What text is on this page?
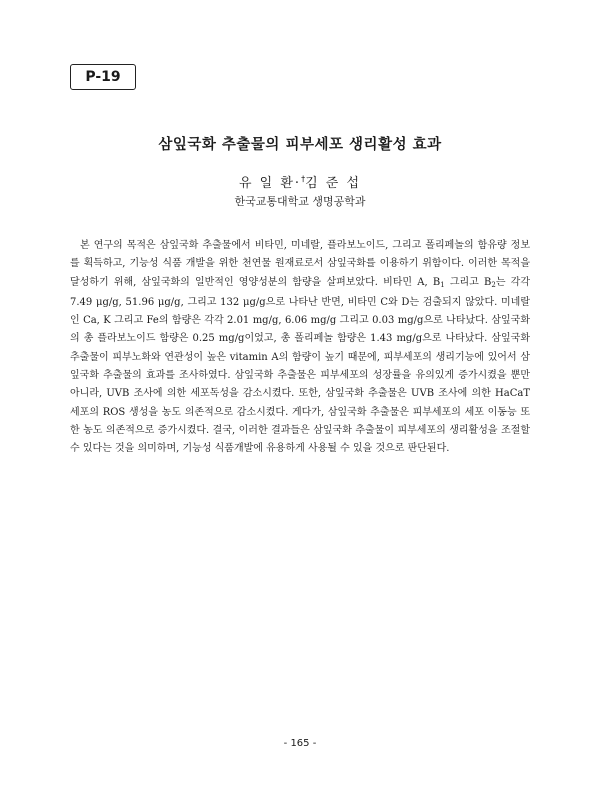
P-19
삼잎국화 추출물의 피부세포 생리활성 효과
유 일 환·†김 준 섭
한국교통대학교 생명공학과

본 연구의 목적은 삼잎국화 추출물에서 비타민, 미네랄, 플라보노이드, 그리고 폴리페놀의 함유량 정보를 획득하고, 기능성 식품 개발을 위한 천연물 원재료로서 삼잎국화를 이용하기 위함이다. 이러한 목적을 달성하기 위해, 삼잎국화의 일반적인 영양성분의 함량을 살펴보았다. 비타민 A, $B_1$ 그리고 $B_2$는 각각 7.49 μg/g, 51.96 μg/g, 그리고 132 μg/g으로 나타난 반면, 비타민 C와 D는 검출되지 않았다. 미네랄인 Ca, K 그리고 Fe의 함량은 각각 2.01 mg/g, 6.06 mg/g 그리고 0.03 mg/g으로 나타났다. 삼잎국화의 총 플라보노이드 함량은 0.25 mg/g이었고, 총 폴리페놀 함량은 1.43 mg/g으로 나타났다. 삼잎국화 추출물이 피부노화와 연관성이 높은 vitamin A의 함량이 높기 때문에, 피부세포의 생리기능에 있어서 삼잎국화 추출물의 효과를 조사하였다. 삼잎국화 추출물은 피부세포의 성장률을 유의있게 증가시켰을 뿐만 아니라, UVB 조사에 의한 세포독성을 감소시켰다. 또한, 삼잎국화 추출물은 UVB 조사에 의한 HaCaT 세포의 ROS 생성을 농도 의존적으로 감소시켰다. 게다가, 삼잎국화 추출물은 피부세포의 세포 이동능 또한 농도 의존적으로 증가시켰다. 결국, 이러한 결과들은 삼잎국화 추출물이 피부세포의 생리활성을 조절할 수 있다는 것을 의미하며, 기능성 식품개발에 유용하게 사용될 수 있을 것으로 판단된다.

- 165 -
